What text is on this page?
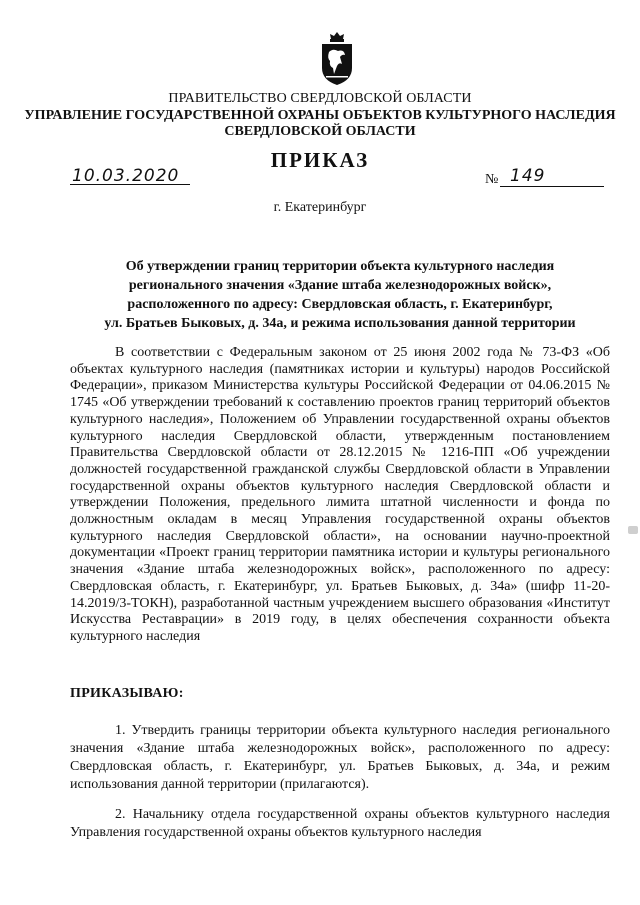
ПРАВИТЕЛЬСТВО СВЕРДЛОВСКОЙ ОБЛАСТИ
УПРАВЛЕНИЕ ГОСУДАРСТВЕННОЙ ОХРАНЫ ОБЪЕКТОВ КУЛЬТУРНОГО НАСЛЕДИЯ
СВЕРДЛОВСКОЙ ОБЛАСТИ
ПРИКАЗ
10.03.2020	№ 149
г. Екатеринбург
Об утверждении границ территории объекта культурного наследия
регионального значения «Здание штаба железнодорожных войск»,
расположенного по адресу: Свердловская область, г. Екатеринбург,
ул. Братьев Быковых, д. 34а, и режима использования данной территории
В соответствии с Федеральным законом от 25 июня 2002 года № 73-ФЗ «Об объектах культурного наследия (памятниках истории и культуры) народов Российской Федерации», приказом Министерства культуры Российской Федерации от 04.06.2015 № 1745 «Об утверждении требований к составлению проектов границ территорий объектов культурного наследия», Положением об Управлении государственной охраны объектов культурного наследия Свердловской области, утвержденным постановлением Правительства Свердловской области от 28.12.2015 № 1216-ПП «Об учреждении должностей государственной гражданской службы Свердловской области в Управлении государственной охраны объектов культурного наследия Свердловской области и утверждении Положения, предельного лимита штатной численности и фонда по должностным окладам в месяц Управления государственной охраны объектов культурного наследия Свердловской области», на основании научно-проектной документации «Проект границ территории памятника истории и культуры регионального значения «Здание штаба железнодорожных войск», расположенного по адресу: Свердловская область, г. Екатеринбург, ул. Братьев Быковых, д. 34а» (шифр 11-20-14.2019/3-ТОКН), разработанной частным учреждением высшего образования «Институт Искусства Реставрации» в 2019 году, в целях обеспечения сохранности объекта культурного наследия
ПРИКАЗЫВАЮ:
1. Утвердить границы территории объекта культурного наследия регионального значения «Здание штаба железнодорожных войск», расположенного по адресу: Свердловская область, г. Екатеринбург, ул. Братьев Быковых, д. 34а, и режим использования данной территории (прилагаются).
2. Начальнику отдела государственной охраны объектов культурного наследия Управления государственной охраны объектов культурного наследия
